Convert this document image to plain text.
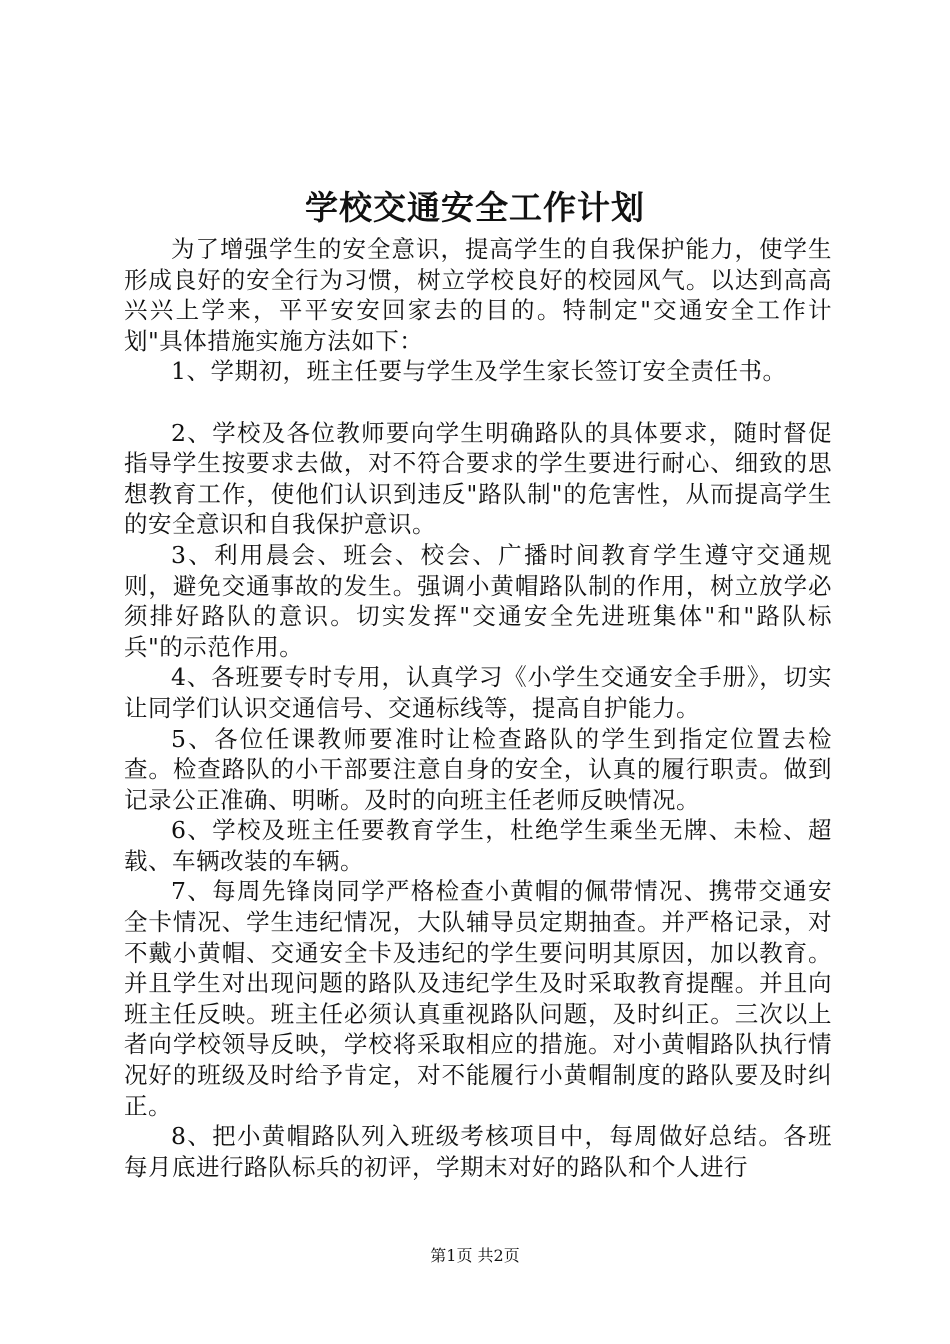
学校交通安全工作计划

为了增强学生的安全意识，提高学生的自我保护能力，使学生形成良好的安全行为习惯，树立学校良好的校园风气。以达到高高兴兴上学来，平平安安回家去的目的。特制定"交通安全工作计划"具体措施实施方法如下：

1、学期初，班主任要与学生及学生家长签订安全责任书。

2、学校及各位教师要向学生明确路队的具体要求，随时督促指导学生按要求去做，对不符合要求的学生要进行耐心、细致的思想教育工作，使他们认识到违反"路队制"的危害性，从而提高学生的安全意识和自我保护意识。

3、利用晨会、班会、校会、广播时间教育学生遵守交通规则，避免交通事故的发生。强调小黄帽路队制的作用，树立放学必须排好路队的意识。切实发挥"交通安全先进班集体"和"路队标兵"的示范作用。

4、各班要专时专用，认真学习《小学生交通安全手册》，切实让同学们认识交通信号、交通标线等，提高自护能力。

5、各位任课教师要准时让检查路队的学生到指定位置去检查。检查路队的小干部要注意自身的安全，认真的履行职责。做到记录公正准确、明晰。及时的向班主任老师反映情况。

6、学校及班主任要教育学生，杜绝学生乘坐无牌、未检、超载、车辆改装的车辆。

7、每周先锋岗同学严格检查小黄帽的佩带情况、携带交通安全卡情况、学生违纪情况，大队辅导员定期抽查。并严格记录，对不戴小黄帽、交通安全卡及违纪的学生要问明其原因，加以教育。并且学生对出现问题的路队及违纪学生及时采取教育提醒。并且向班主任反映。班主任必须认真重视路队问题，及时纠正。三次以上者向学校领导反映，学校将采取相应的措施。对小黄帽路队执行情况好的班级及时给予肯定，对不能履行小黄帽制度的路队要及时纠正。

8、把小黄帽路队列入班级考核项目中，每周做好总结。各班每月底进行路队标兵的初评，学期末对好的路队和个人进行

第1页 共2页
